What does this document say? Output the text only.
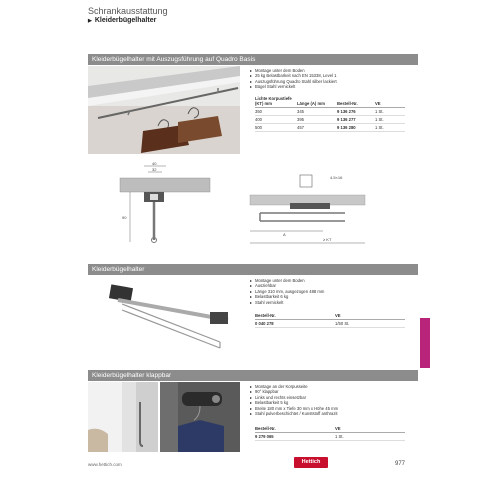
Schrankausstattung
▶ Kleiderbügelhalter
Kleiderbügelhalter mit Auszugsführung auf Quadro Basis
▸ Montage unter dem Boden
▸ 25 kg Belastbarkeit nach EN 15338, Level 1
▸ Auszugsführung Quadro Stahl silber lackiert
▸ Bügel Stahl vernickelt
Lichte Korpustiefe (KT) mm	Länge (A) mm	Bestell-Nr.	VE
350	345	9 136 276	1 St.
400	395	9 136 277	1 St.
500	457	9 136 280	1 St.
40
32
90
4.5×16
A
≥ KT
Kleiderbügelhalter
▸ Montage unter dem Boden
▸ Ausziehbar
▸ Länge 310 mm, ausgezogen 488 mm
▸ Belastbarkeit 6 kg
▸ Stahl vernickelt
Bestell-Nr.	VE
0 040 278	1/50 St.
Kleiderbügelhalter klappbar
▸ Montage an der Korpusseite
▸ 90° klappbar
▸ Links und rechts einsetzbar
▸ Belastbarkeit 5 kg
▸ Breite 180 mm x Tiefe 30 mm x Höhe 45 mm
▸ Stahl pulverbeschichtet / Kunststoff anthrazit
Bestell-Nr.	VE
9 279 065	1 St.
www.hettich.com	Hettich	977
